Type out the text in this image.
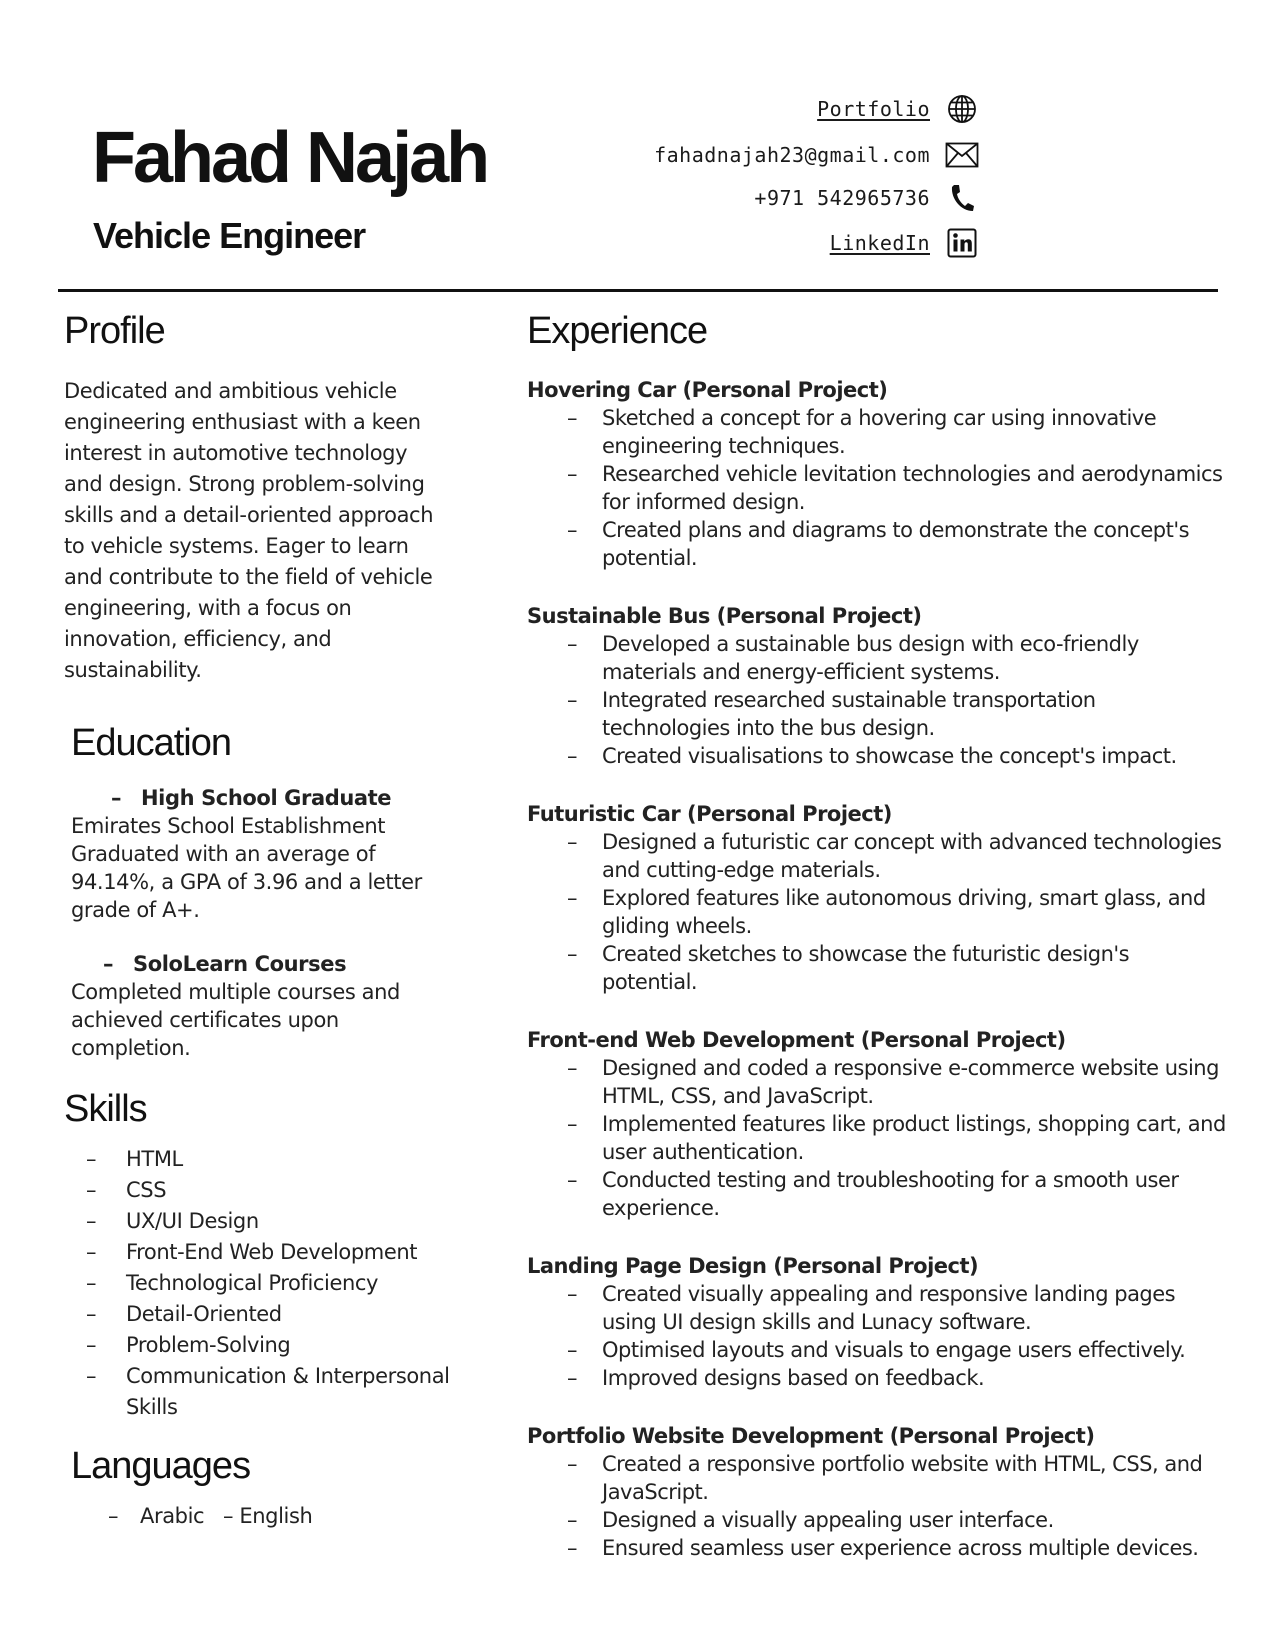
Fahad Najah
Vehicle Engineer
Portfolio
fahadnajah23@gmail.com
+971 542965736
LinkedIn
Profile

Dedicated and ambitious vehicle engineering enthusiast with a keen interest in automotive technology and design. Strong problem-solving skills and a detail-oriented approach to vehicle systems. Eager to learn and contribute to the field of vehicle engineering, with a focus on innovation, efficiency, and sustainability.

Education
– High School Graduate
Emirates School Establishment
Graduated with an average of
94.14%, a GPA of 3.96 and a letter
grade of A+.
– SoloLearn Courses
Completed multiple courses and
achieved certificates upon
completion.
Skills
–	HTML
–	CSS
–	UX/UI Design
–	Front-End Web Development
–	Technological Proficiency
–	Detail-Oriented
–	Problem-Solving
–	Communication & Interpersonal Skills
Languages
– Arabic – English
Experience
Hovering Car (Personal Project)
–	Sketched a concept for a hovering car using innovative engineering techniques.
–	Researched vehicle levitation technologies and aerodynamics for informed design.
–	Created plans and diagrams to demonstrate the concept's potential.
Sustainable Bus (Personal Project)
–	Developed a sustainable bus design with eco-friendly materials and energy-efficient systems.
–	Integrated researched sustainable transportation technologies into the bus design.
–	Created visualisations to showcase the concept's impact.
Futuristic Car (Personal Project)
–	Designed a futuristic car concept with advanced technologies and cutting-edge materials.
–	Explored features like autonomous driving, smart glass, and gliding wheels.
–	Created sketches to showcase the futuristic design's potential.
Front-end Web Development (Personal Project)
–	Designed and coded a responsive e-commerce website using HTML, CSS, and JavaScript.
–	Implemented features like product listings, shopping cart, and user authentication.
–	Conducted testing and troubleshooting for a smooth user experience.
Landing Page Design (Personal Project)
–	Created visually appealing and responsive landing pages using UI design skills and Lunacy software.
–	Optimised layouts and visuals to engage users effectively.
–	Improved designs based on feedback.
Portfolio Website Development (Personal Project)
–	Created a responsive portfolio website with HTML, CSS, and JavaScript.
–	Designed a visually appealing user interface.
–	Ensured seamless user experience across multiple devices.
